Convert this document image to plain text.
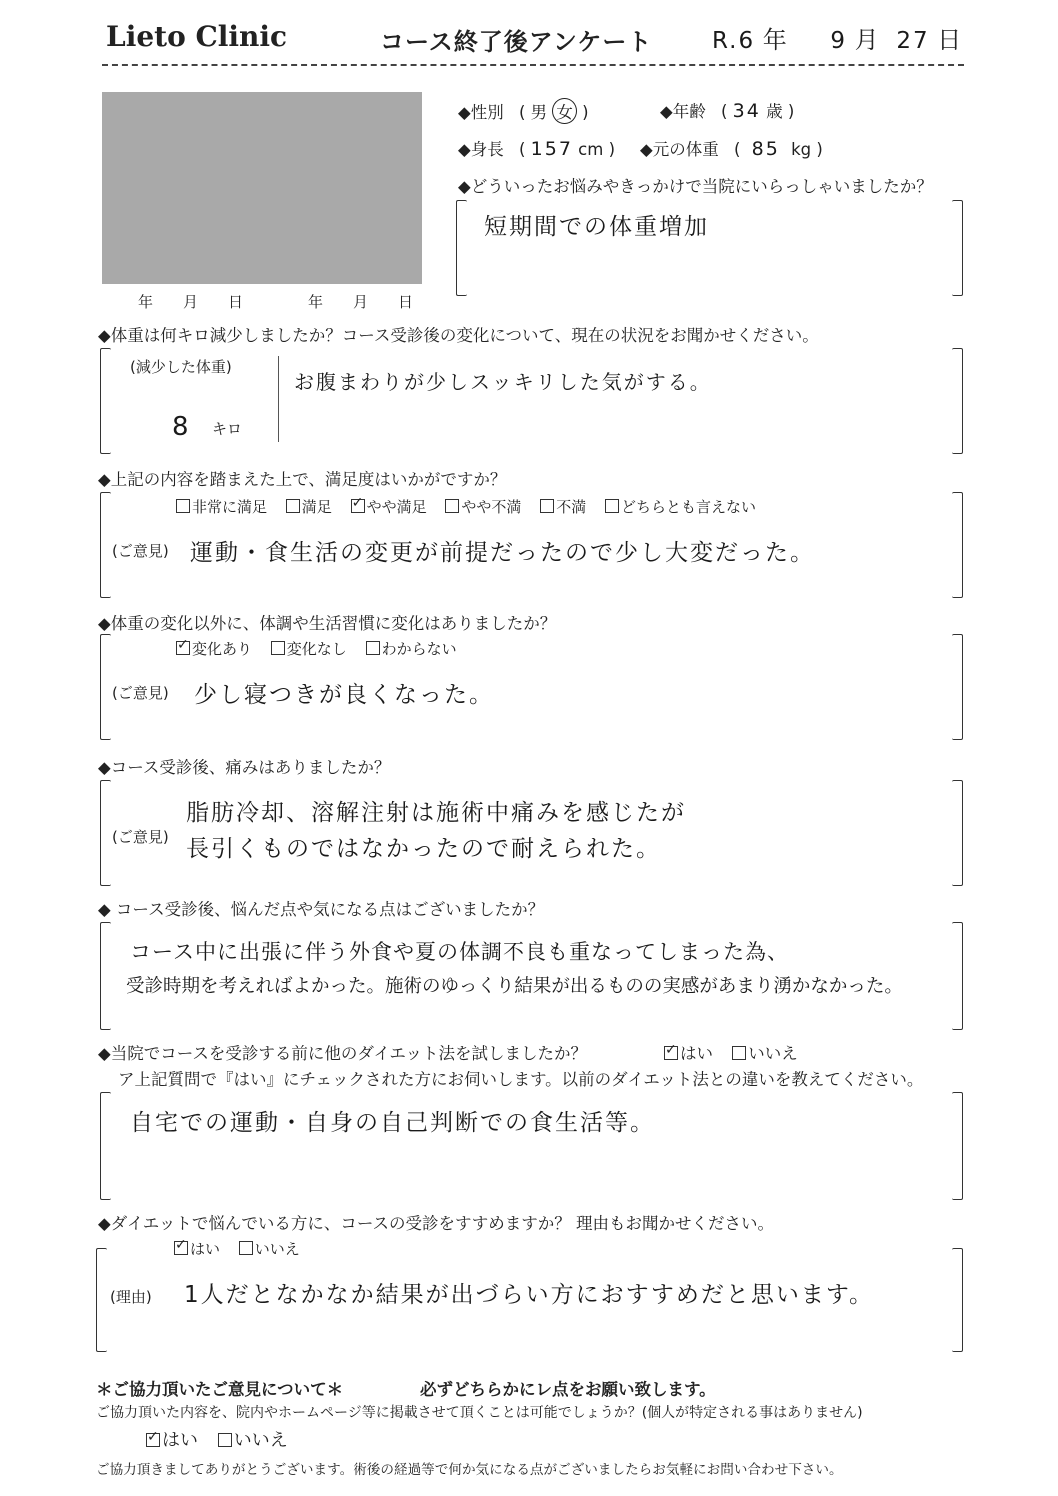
Lieto Clinic	コース終了後アンケート	R.6 年 9 月 27 日
年　　月　　日	年　　月　　日
◆性別 ( 男 女 )	◆年齢 ( 34 歳 )
◆身長 ( 157 cm ) ◆元の体重 ( 85 kg )
◆どういったお悩みやきっかけで当院にいらっしゃいましたか？
短期間での体重増加
◆体重は何キロ減少しましたか？コース受診後の変化について、現在の状況をお聞かせください。
(減少した体重)
8 キロ
お腹まわりが少しスッキリした気がする。
◆上記の内容を踏まえた上で、満足度はいかがですか？
非常に満足 満足 ✓ やや満足 やや不満 不満 どちらとも言えない
(ご意見) 運動・食生活の変更が前提だったので少し大変だった。
◆体重の変化以外に、体調や生活習慣に変化はありましたか？
✓変化あり 変化なし わからない
(ご意見) 少し寝つきが良くなった。
◆コース受診後、痛みはありましたか？
(ご意見)
脂肪冷却、溶解注射は施術中痛みを感じたが
長引くものではなかったので耐えられた。
◆ コース受診後、悩んだ点や気になる点はございましたか？
コース中に出張に伴う外食や夏の体調不良も重なってしまった為、
受診時期を考えればよかった。施術のゆっくり結果が出るものの実感があまり湧かなかった。
◆当院でコースを受診する前に他のダイエット法を試しましたか？ ✓	はい いいえ
ア上記質問で『はい』にチェックされた方にお伺いします。以前のダイエット法との違いを教えてください。
自宅での運動・自身の自己判断での食生活等。
◆ダイエットで悩んでいる方に、コースの受診をすすめますか？ 理由もお聞かせください。
✓はい いいえ
(理由) 1人だとなかなか結果が出づらい方におすすめだと思います。
＊ご協力頂いたご意見について＊	必ずどちらかにレ点をお願い致します。
ご協力頂いた内容を、院内やホームページ等に掲載させて頂くことは可能でしょうか？(個人が特定される事はありません)
✓はい いいえ
ご協力頂きましてありがとうございます。術後の経過等で何か気になる点がございましたらお気軽にお問い合わせ下さい。
